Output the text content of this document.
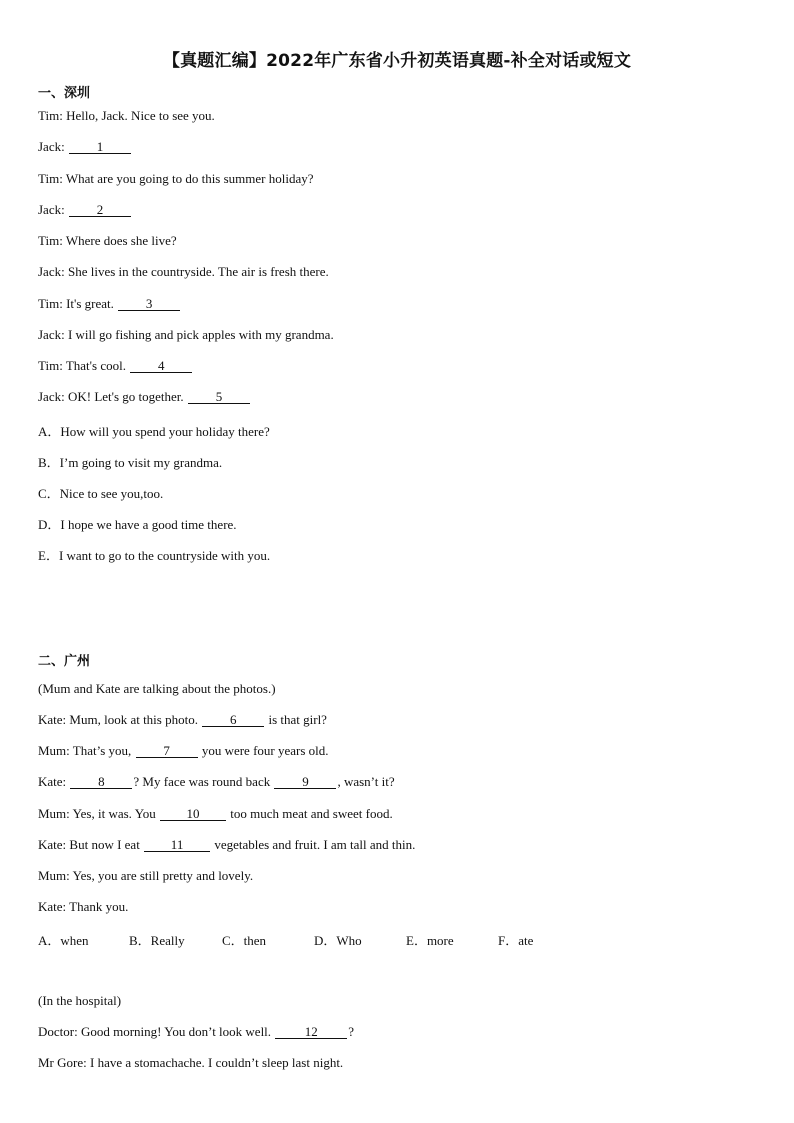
【真题汇编】2022年广东省小升初英语真题-补全对话或短文
一、深圳
Tim: Hello, Jack. Nice to see you.
Jack: 1
Tim: What are you going to do this summer holiday?
Jack: 2
Tim: Where does she live?
Jack: She lives in the countryside. The air is fresh there.
Tim: It's great. 3
Jack: I will go fishing and pick apples with my grandma.
Tim: That's cool. 4
Jack: OK! Let's go together. 5
A．How will you spend your holiday there?
B．I’m going to visit my grandma.
C．Nice to see you,too.
D．I hope we have a good time there.
E．I want to go to the countryside with you.
二、广州
(Mum and Kate are talking about the photos.)
Kate: Mum, look at this photo. 6 is that girl?
Mum: That’s you, 7 you were four years old.
Kate: 8 ? My face was round back 9 , wasn’t it?
Mum: Yes, it was. You 10 too much meat and sweet food.
Kate: But now I eat 11 vegetables and fruit. I am tall and thin.
Mum: Yes, you are still pretty and lovely.
Kate: Thank you.
A．when	B．Really	C．then	D．Who	E．more	F．ate
(In the hospital)
Doctor: Good morning! You don’t look well. 12 ?
Mr Gore: I have a stomachache. I couldn’t sleep last night.
